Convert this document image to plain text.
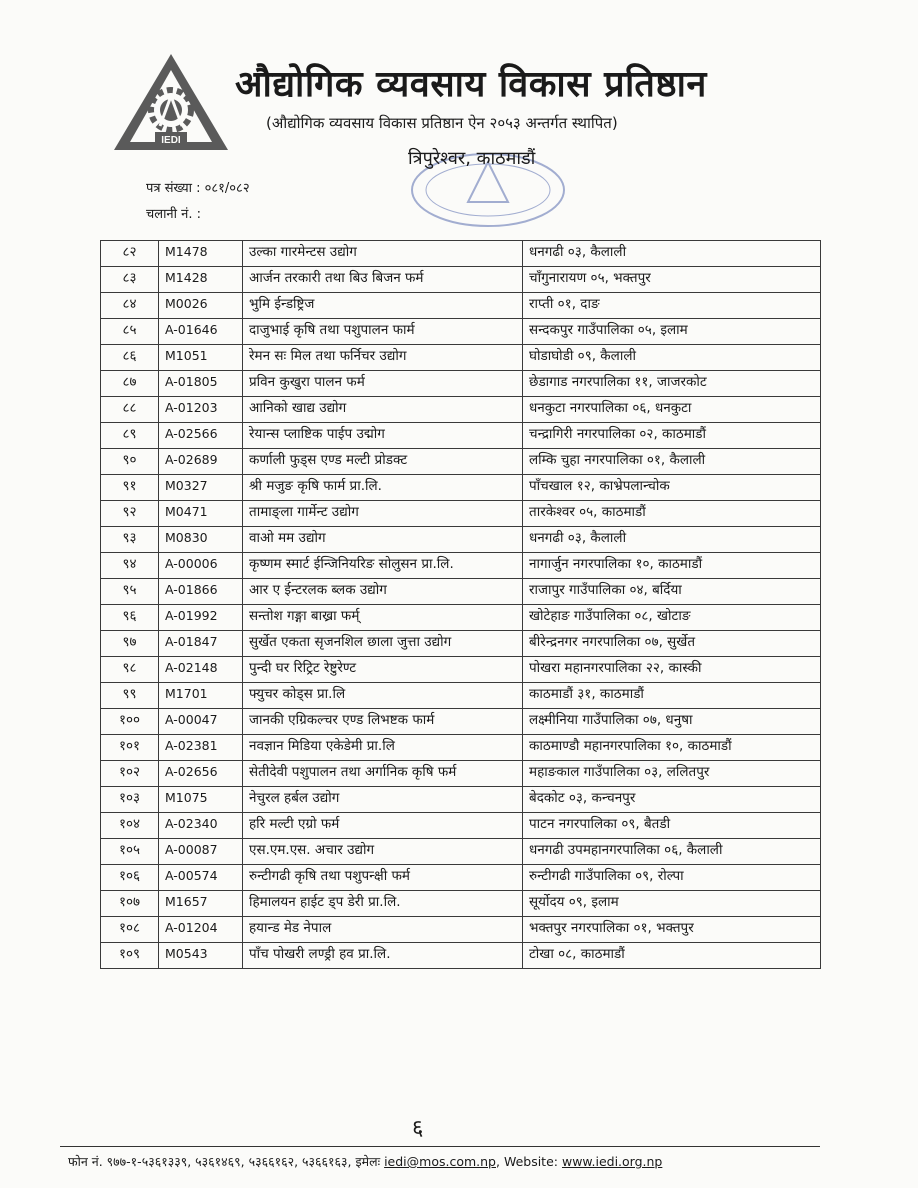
IEDI
औद्योगिक व्यवसाय विकास प्रतिष्ठान
(औद्योगिक व्यवसाय विकास प्रतिष्ठान ऐन २०५३ अन्तर्गत स्थापित)
त्रिपुरेश्वर, काठमाडौं
पत्र संख्या : ०८१/०८२
चलानी नं. :
८२	M1478	उल्का गारमेन्टस उद्योग	धनगढी ०३, कैलाली
८३	M1428	आर्जन तरकारी तथा बिउ बिजन फर्म	चाँगुनारायण ०५, भक्तपुर
८४	M0026	भुमि ईन्डष्ट्रिज	राप्ती ०१, दाङ
८५	A-01646	दाजुभाई कृषि तथा पशुपालन फार्म	सन्दकपुर गाउँपालिका ०५, इलाम
८६	M1051	रेमन सः मिल तथा फर्निचर उद्योग	घोडाघोडी ०९, कैलाली
८७	A-01805	प्रविन कुखुरा पालन फर्म	छेडागाड नगरपालिका ११, जाजरकोट
८८	A-01203	आनिको खाद्य उद्योग	धनकुटा नगरपालिका ०६, धनकुटा
८९	A-02566	रेयान्स प्लाष्टिक पाईप उद्मोग	चन्द्रागिरी नगरपालिका ०२, काठमाडौं
९०	A-02689	कर्णाली फुड्स एण्ड मल्टी प्रोडक्ट	लम्कि चुहा नगरपालिका ०१, कैलाली
९१	M0327	श्री मजुङ कृषि फार्म प्रा.लि.	पाँचखाल १२, काभ्रेपलान्चोक
९२	M0471	तामाङ्ला गार्मेन्ट उद्योग	तारकेश्वर ०५, काठमाडौं
९३	M0830	वाओ मम उद्योग	धनगढी ०३, कैलाली
९४	A-00006	कृष्णम स्मार्ट ईन्जिनियरिङ सोलुसन प्रा.लि.	नागार्जुन नगरपालिका १०, काठमाडौं
९५	A-01866	आर ए ईन्टरलक ब्लक उद्योग	राजापुर गाउँपालिका ०४, बर्दिया
९६	A-01992	सन्तोश गङ्गा बाख्रा फर्म्	खोटेहाङ गाउँपालिका ०८, खोटाङ
९७	A-01847	सुर्खेत एकता सृजनशिल छाला जुत्ता उद्योग	बीरेन्द्रनगर नगरपालिका ०७, सुर्खेत
९८	A-02148	पुन्दी घर रिट्रिट रेष्टुरेण्ट	पोखरा महानगरपालिका २२, कास्की
९९	M1701	फ्युचर कोड्स प्रा.लि	काठमाडौं ३१, काठमाडौं
१००	A-00047	जानकी एग्रिकल्चर एण्ड लिभष्टक फार्म	लक्ष्मीनिया गाउँपालिका ०७, धनुषा
१०१	A-02381	नवज्ञान मिडिया एकेडेमी प्रा.लि	काठमाण्डौ महानगरपालिका १०, काठमाडौं
१०२	A-02656	सेतीदेवी पशुपालन तथा अर्गानिक कृषि फर्म	महाङकाल गाउँपालिका ०३, ललितपुर
१०३	M1075	नेचुरल हर्बल उद्योग	बेदकोट ०३, कन्चनपुर
१०४	A-02340	हरि मल्टी एग्रो फर्म	पाटन नगरपालिका ०९, बैतडी
१०५	A-00087	एस.एम.एस. अचार उद्योग	धनगढी उपमहानगरपालिका ०६, कैलाली
१०६	A-00574	रुन्टीगढी कृषि तथा पशुपन्क्षी फर्म	रुन्टीगढी गाउँपालिका ०९, रोल्पा
१०७	M1657	हिमालयन हाईट ड्प डेरी प्रा.लि.	सूर्योदय ०९, इलाम
१०८	A-01204	हयान्ड मेड नेपाल	भक्तपुर नगरपालिका ०१, भक्तपुर
१०९	M0543	पाँच पोखरी लण्ड्री हव प्रा.लि.	टोखा ०८, काठमाडौं
६
फोन नं. ९७७-१-५३६१३३९, ५३६१४६९, ५३६६१६२, ५३६६१६३, इमेलः iedi@mos.com.np, Website: www.iedi.org.np
